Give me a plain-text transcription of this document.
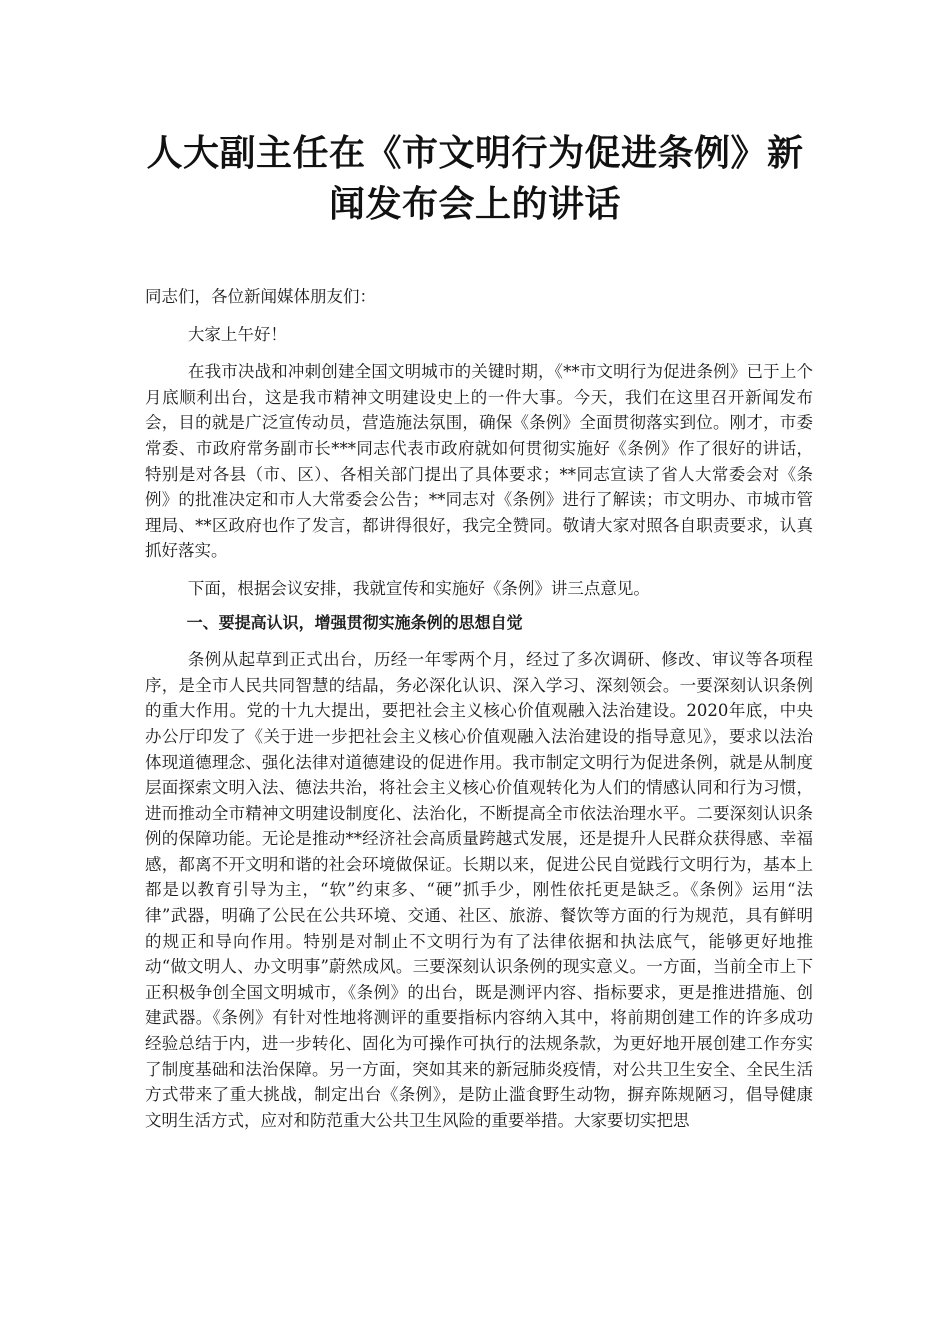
人大副主任在《市文明行为促进条例》新
闻发布会上的讲话

同志们，各位新闻媒体朋友们：

大家上午好！

在我市决战和冲刺创建全国文明城市的关键时期，《**市文明行为促进条例》已于上个月底顺利出台，这是我市精神文明建设史上的一件大事。今天，我们在这里召开新闻发布会，目的就是广泛宣传动员，营造施法氛围，确保《条例》全面贯彻落实到位。刚才，市委常委、市政府常务副市长***同志代表市政府就如何贯彻实施好《条例》作了很好的讲话，特别是对各县（市、区）、各相关部门提出了具体要求；**同志宣读了省人大常委会对《条例》的批准决定和市人大常委会公告；**同志对《条例》进行了解读；市文明办、市城市管理局、**区政府也作了发言，都讲得很好，我完全赞同。敬请大家对照各自职责要求，认真抓好落实。

下面，根据会议安排，我就宣传和实施好《条例》讲三点意见。

一、要提高认识，增强贯彻实施条例的思想自觉

条例从起草到正式出台，历经一年零两个月，经过了多次调研、修改、审议等各项程序，是全市人民共同智慧的结晶，务必深化认识、深入学习、深刻领会。一要深刻认识条例的重大作用。党的十九大提出，要把社会主义核心价值观融入法治建设。2020年底，中央办公厅印发了《关于进一步把社会主义核心价值观融入法治建设的指导意见》，要求以法治体现道德理念、强化法律对道德建设的促进作用。我市制定文明行为促进条例，就是从制度层面探索文明入法、德法共治，将社会主义核心价值观转化为人们的情感认同和行为习惯，进而推动全市精神文明建设制度化、法治化，不断提高全市依法治理水平。二要深刻认识条例的保障功能。无论是推动**经济社会高质量跨越式发展，还是提升人民群众获得感、幸福感，都离不开文明和谐的社会环境做保证。长期以来，促进公民自觉践行文明行为，基本上都是以教育引导为主，“软”约束多、“硬”抓手少，刚性依托更是缺乏。《条例》运用“法律”武器，明确了公民在公共环境、交通、社区、旅游、餐饮等方面的行为规范，具有鲜明的规正和导向作用。特别是对制止不文明行为有了法律依据和执法底气，能够更好地推动“做文明人、办文明事”蔚然成风。三要深刻认识条例的现实意义。一方面，当前全市上下正积极争创全国文明城市，《条例》的出台，既是测评内容、指标要求，更是推进措施、创建武器。《条例》有针对性地将测评的重要指标内容纳入其中，将前期创建工作的许多成功经验总结于内，进一步转化、固化为可操作可执行的法规条款，为更好地开展创建工作夯实了制度基础和法治保障。另一方面，突如其来的新冠肺炎疫情，对公共卫生安全、全民生活方式带来了重大挑战，制定出台《条例》，是防止滥食野生动物，摒弃陈规陋习，倡导健康文明生活方式，应对和防范重大公共卫生风险的重要举措。大家要切实把思
